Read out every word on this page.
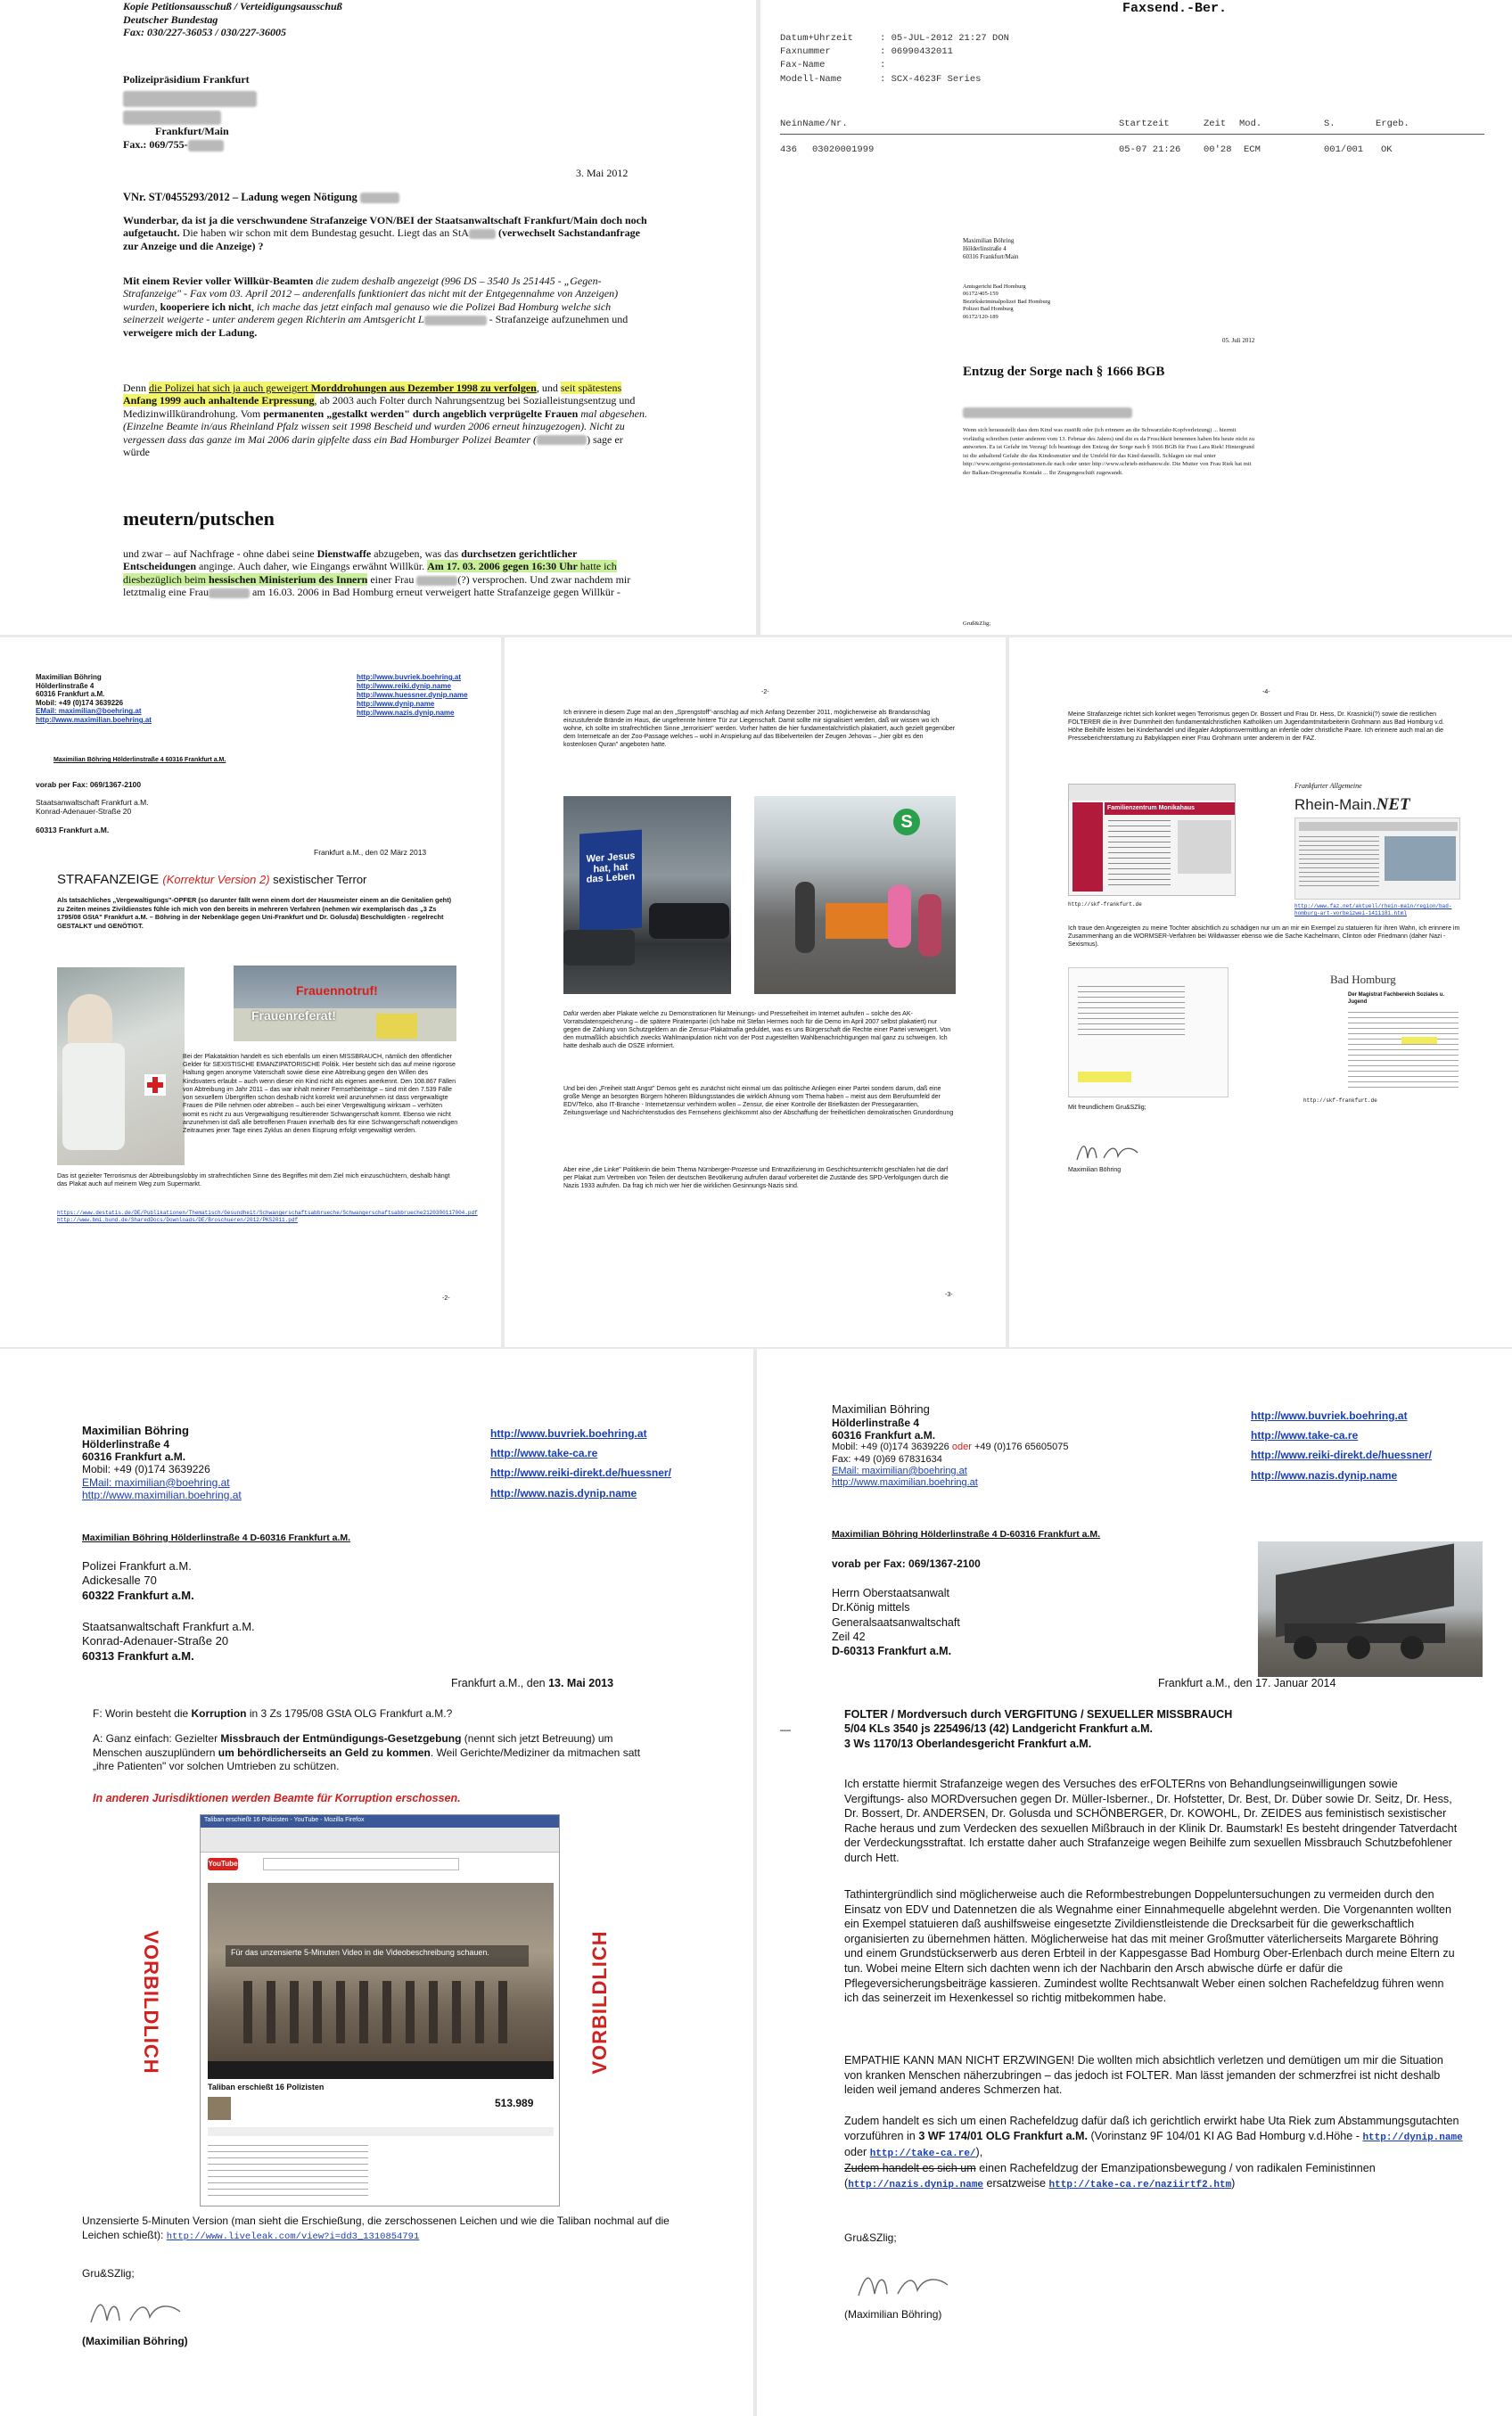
Kopie Petitionsausschuß / Verteidigungsausschuß
Deutscher Bundestag
Fax: 030/227-36053 / 030/227-36005
Polizeipräsidium Frankfurt
Frankfurt/Main
Fax.: 069/755-
3. Mai 2012
VNr. ST/0455293/2012 – Ladung wegen Nötigung
Wunderbar, da ist ja die verschwundene Strafanzeige VON/BEI der Staatsanwaltschaft Frankfurt/Main doch noch aufgetaucht. Die haben wir schon mit dem Bundestag gesucht. Liegt das an StA	(verwechselt Sachstandanfrage zur Anzeige und die Anzeige) ?
Mit einem Revier voller Willkür-Beamten die zudem deshalb angezeigt (996 DS – 3540 Js 251445 - „Gegen-Strafanzeige" - Fax vom 03. April 2012 – anderenfalls funktioniert das nicht mit der Entgegennahme von Anzeigen) wurden, kooperiere ich nicht, ich mache das jetzt einfach mal genauso wie die Polizei Bad Homburg welche sich seinerzeit weigerte - unter anderem gegen Richterin am Amtsgericht L	- Strafanzeige aufzunehmen und verweigere mich der Ladung.
Denn die Polizei hat sich ja auch geweigert Morddrohungen aus Dezember 1998 zu verfolgen, und seit spätestens Anfang 1999 auch anhaltende Erpressung, ab 2003 auch Folter durch Nahrungsentzug bei Sozialleistungsentzug und Medizinwillkürandrohung. Vom permanenten „gestalkt werden" durch angeblich verprügelte Frauen mal abgesehen. (Einzelne Beamte in/aus Rheinland Pfalz wissen seit 1998 Bescheid und wurden 2006 erneut hinzugezogen). Nicht zu vergessen dass das ganze im Mai 2006 darin gipfelte dass ein Bad Homburger Polizei Beamter (	) sage er würde
meutern/putschen
und zwar – auf Nachfrage - ohne dabei seine Dienstwaffe abzugeben, was das durchsetzen gerichtlicher Entscheidungen anginge. Auch daher, wie Eingangs erwähnt Willkür. Am 17. 03. 2006 gegen 16:30 Uhr hatte ich diesbezüglich beim hessischen Ministerium des Innern einer Frau	(?) versprochen. Und zwar nachdem mir letztmalig eine Frau	am 16.03. 2006 in Bad Homburg erneut verweigert hatte Strafanzeige gegen Willkür -
Faxsend.-Ber.
Datum+Uhrzeit	: 05-JUL-2012 21:27 DON
Faxnummer	: 06990432011
Fax-Name	:
Modell-Name	: SCX-4623F Series
NeinName/Nr.	Startzeit	Zeit Mod.	S.	Ergeb.
436 03020001999	05-07 21:26 00'28 ECM	001/001 OK
Maximilian Böhring
Hölderlinstraße 4
60316 Frankfurt/Main
Amtsgericht Bad Homburg
06172/405-159
Bezirkskriminalpolizei Bad Homburg
Polizei Bad Homburg
06172/120-189
05. Juli 2012
Entzug der Sorge nach § 1666 BGB
Wenn sich herausstellt dass dem Kind was zustößt oder (ich erinnere an die Schwarzfahr-Kopfverletzung) ... hiermit vorläufig schreiben (unter anderem vom 13. Februar des Jahres) und die es da Froschkeit benennen haben bis heute nicht zu antworten. Es ist Gefahr im Verzug! Ich beantrage den Entzug der Sorge nach § 1666 BGB für Frau Lara Riek! Hintergrund ist die anhaltend Gefahr die das Kindesmutter und ihr Umfeld für das Kind darstellt. Schlagen sie mal unter http://www.zeitgeist-protestationen.de nach oder unter http://www.schrieb-mirbanow.de. Die Mutter von Frau Riek hat mit der Balkan-Drogenmafia Kontakt ... Ihr Zeugengeschäft zugewandt.
Gruß&Zlig;
Maximilian Böhring
Hölderlinstraße 4
60316 Frankfurt a.M.
Mobil: +49 (0)174 3639226
EMail: maximilian@boehring.at
http://www.maximilian.boehring.at
http://www.buvriek.boehring.at
http://www.reiki.dynip.name
http://www.huessner.dynip.name
http://www.dynip.name
http://www.nazis.dynip.name
Maximilian Böhring Hölderlinstraße 4 60316 Frankfurt a.M.
vorab per Fax: 069/1367-2100
Staatsanwaltschaft Frankfurt a.M.
Konrad-Adenauer-Straße 20

60313 Frankfurt a.M.
Frankfurt a.M., den 02 März 2013
STRAFANZEIGE (Korrektur Version 2) sexistischer Terror
Als tatsächliches „Vergewaltigungs"-OPFER (so darunter fällt wenn einem dort der Hausmeister einem an die Genitalien geht) zu Zeiten meines Zivildienstes fühle ich mich von den bereits in mehreren Verfahren (nehmen wir exemplarisch das „3 Zs 1795/08 GStA" Frankfurt a.M. – Böhring in der Nebenklage gegen Uni-Frankfurt und Dr. Golusda) Beschuldigten - regelrecht GESTALKT und GENÖTIGT.
Frauennotruf!
Frauenreferat!
Bei der Plakataktion handelt es sich ebenfalls um einen MISSBRAUCH, nämlich den öffentlicher Gelder für SEXISTISCHE EMANZIPATORISCHE Politik. Hier besteht sich das auf meine rigorose Haltung gegen anonyme Vaterschaft sowie diese eine Abtreibung gegen den Willen des Kindsvaters erlaubt – auch wenn dieser ein Kind nicht als eigenes anerkennt. Den 108.867 Fällen von Abtreibung im Jahr 2011 – das war inhalt meiner Fernsehbeiträge – sind mit den 7.539 Fälle von sexuellem Übergriffen schon deshalb nicht korrekt weil anzunehmen ist dass vergewaltigte Frauen die Pille nehmen oder abtreiben – auch bei einer Vergewaltigung wirksam – verhüten womit es nicht zu aus Vergewaltigung resultierender Schwangerschaft kommt. Ebenso wie nicht anzunehmen ist daß alle betroffenen Frauen innerhalb des für eine Schwangerschaft notwendigen Zeitraumes jener Tage eines Zyklus an denen Eisprung erfolgt vergewaltigt werden.
Das ist gezielter Terrorismus der Abtreibungslobby im strafrechtlichen Sinne des Begriffes mit dem Ziel mich einzuschüchtern, deshalb hängt das Plakat auch auf meinem Weg zum Supermarkt.
https://www.destatis.de/DE/Publikationen/Thematisch/Gesundheit/Schwangerschaftsabbrueche/Schwangerschaftsabbrueche2120300117004.pdf
http://www.bmi.bund.de/SharedDocs/Downloads/DE/Broschueren/2012/PKS2011.pdf
-2-
-2-
Ich erinnere in diesem Zuge mal an den „Sprengstoff"-anschlag auf mich Anfang Dezember 2011, möglicherweise als Brandanschlag einzustufende Brände im Haus, die ungefrennte hintere Tür zur Liegenschaft. Damit sollte mir signalisiert werden, daß wir wissen wo ich wohne, ich sollte im strafrechtlichen Sinne „terrorisiert" werden. Vorher hatten die hier fundamentalchristlich plakatiert, auch gezielt gegenüber dem Internetcafe an der Zoo-Passage welches – wohl in Anspielung auf das Bibelverteilen der Zeugen Jehovas – „hier gibt es den kostenlosen Quran" angeboten hatte.
Wer Jesus hat, hat das Leben
S
Dafür werden aber Plakate welche zu Demonstrationen für Meinungs- und Pressefreiheit im Internet aufrufen – solche des AK-Vorratsdatenspeicherung – die spätere Piratenpartei (ich habe mit Stefan Hermes noch für die Demo im April 2007 selbst plakatiert) nur gegen die Zahlung von Schutzgeldern an die Zensur-Plakatmafia geduldet, was es uns Bürgerschaft die Rechte einer Partei verweigert. Von den mutmaßlich absichtlich zwecks Wahlmanipulation nicht von der Post zugestellten Wahlbenachrichtigungen mal ganz zu schweigen. Ich hatte deshalb auch die OSZE informiert.
Und bei den „Freiheit statt Angst" Demos geht es zunächst nicht einmal um das politische Anliegen einer Partei sondern darum, daß eine große Menge an besorgten Bürgern höheren Bildungsstandes die wirklich Ahnung vom Thema haben – meist aus dem Berufsumfeld der EDV/Telco, also IT-Branche - Internetzensur verhindern wollen – Zensur, die einer Kontrolle der Briefkästen der Pressegarantien, Zeitungsverlage und Nachrichtenstudios des Fernsehens gleichkommt also der Abschaffung der freiheitlichen demokratischen Grundordnung
Aber eine „die Linke" Politikerin die beim Thema Nürnberger-Prozesse und Entnazifizierung im Geschichtsunterricht geschlafen hat die darf per Plakat zum Vertreiben von Teilen der deutschen Bevölkerung aufrufen darauf vorbereitet die Zustände des SPD-Verfolgungen durch die Nazis 1933 aufrufen. Da frag ich mich wer hier die wirklichen Gesinnungs-Nazis sind.
-3-
-4-
Meine Strafanzeige richtet sich konkret wegen Terrorismus gegen Dr. Bossert und Frau Dr. Hess, Dr. Krasnicki(?) sowie die restlichen FOLTERER die in ihrer Dummheit den fundamentalchristlichen Katholiken um Jugendamtmitarbeiterin Grohmann aus Bad Homburg v.d. Höhe Beihilfe leisten bei Kinderhandel und illegaler Adoptionsvermittlung an infertile oder christliche Paare. Ich erinnere auch mal an die Presseberichterstattung zu Babyklappen einer Frau Grohmann unter anderem in der FAZ.
Familienzentrum Monikahaus
http://skf-frankfurt.de
Frankfurter Allgemeine
Rhein-Main.NET
http://www.faz.net/aktuell/rhein-main/region/bad-homburg-art-vorbeizwei-1411181.html
Ich traue den Angezeigten zu meine Tochter absichtlich zu schädigen nur um an mir ein Exempel zu statuieren für ihren Wahn, ich erinnere im Zusammenhang an die WORMSER-Verfahren bei Wildwasser ebenso wie die Sache Kachelmann, Clinton oder Friedmann (daher Nazi - Sexismus).
Bad Homburg
Der Magistrat Fachbereich Soziales u. Jugend
http://skf-frankfurt.de
Mit freundlichem Gru&SZlig;
Maximilian Böhring
Maximilian Böhring
Hölderlinstraße 4
60316 Frankfurt a.M.
Mobil: +49 (0)174 3639226
EMail: maximilian@boehring.at
http://www.maximilian.boehring.at
http://www.buvriek.boehring.at
http://www.take-ca.re
http://www.reiki-direkt.de/huessner/
http://www.nazis.dynip.name
Maximilian Böhring Hölderlinstraße 4 D-60316 Frankfurt a.M.
Polizei Frankfurt a.M.
Adickesalle 70
60322 Frankfurt a.M.
Staatsanwaltschaft Frankfurt a.M.
Konrad-Adenauer-Straße 20
60313 Frankfurt a.M.
Frankfurt a.M., den 13. Mai 2013
F: Worin besteht die Korruption in 3 Zs 1795/08 GStA OLG Frankfurt a.M.?
A: Ganz einfach: Gezielter Missbrauch der Entmündigungs-Gesetzgebung (nennt sich jetzt Betreuung) um Menschen auszuplündern um behördlicherseits an Geld zu kommen. Weil Gerichte/Mediziner da mitmachen satt „ihre Patienten" vor solchen Umtrieben zu schützen.
In anderen Jurisdiktionen werden Beamte für Korruption erschossen.
VORBILDLICH	VORBILDLICH
Taliban erschießt 16 Polizisten - YouTube - Mozilla Firefox
YouTube
Für das unzensierte 5-Minuten Video in die Videobeschreibung schauen.
Taliban erschießt 16 Polizisten
513.989
Unzensierte 5-Minuten Version (man sieht die Erschießung, die zerschossenen Leichen und wie die Taliban nochmal auf die Leichen schießt): http://www.liveleak.com/view?i=dd3_1310854791
Gru&SZlig;
(Maximilian Böhring)
Maximilian Böhring
Hölderlinstraße 4
60316 Frankfurt a.M.
Mobil: +49 (0)174 3639226 oder +49 (0)176 65605075
Fax: +49 (0)69 67831634
EMail: maximilian@boehring.at
http://www.maximilian.boehring.at
http://www.buvriek.boehring.at
http://www.take-ca.re
http://www.reiki-direkt.de/huessner/
http://www.nazis.dynip.name
Maximilian Böhring Hölderlinstraße 4 D-60316 Frankfurt a.M.
vorab per Fax: 069/1367-2100
Herrn Oberstaatsanwalt
Dr.König mittels
Generalsaatsanwaltschaft
Zeil 42
D-60313 Frankfurt a.M.
Frankfurt a.M., den 17. Januar 2014
—
FOLTER / Mordversuch durch VERGFITUNG / SEXUELLER MISSBRAUCH
5/04 KLs 3540 js 225496/13 (42) Landgericht Frankfurt a.M.
3 Ws 1170/13 Oberlandesgericht Frankfurt a.M.
Ich erstatte hiermit Strafanzeige wegen des Versuches des erFOLTERns von Behandlungseinwilligungen sowie Vergiftungs- also MORDversuchen gegen Dr. Müller-Isberner., Dr. Hofstetter, Dr. Best, Dr. Düber sowie Dr. Seitz, Dr. Hess, Dr. Bossert, Dr. ANDERSEN, Dr. Golusda und SCHÖNBERGER, Dr. KOWOHL, Dr. ZEIDES aus feministisch sexistischer Rache heraus und zum Verdecken des sexuellen Mißbrauch in der Klinik Dr. Baumstark! Es besteht dringender Tatverdacht der Verdeckungsstraftat. Ich erstatte daher auch Strafanzeige wegen Beihilfe zum sexuellen Missbrauch Schutzbefohlener durch Hett.
Tathintergründlich sind möglicherweise auch die Reformbestrebungen Doppeluntersuchungen zu vermeiden durch den Einsatz von EDV und Datennetzen die als Wegnahme einer Einnahmequelle abgelehnt werden. Die Vorgenannten wollten ein Exempel statuieren daß aushilfsweise eingesetzte Zivildienstleistende die Drecksarbeit für die gewerkschaftlich organisierten zu übernehmen hätten. Möglicherweise hat das mit meiner Großmutter väterlicherseits Margarete Böhring und einem Grundstückserwerb aus deren Erbteil in der Kappesgasse Bad Homburg Ober-Erlenbach durch meine Eltern zu tun. Wobei meine Eltern sich dachten wenn ich der Nachbarin den Arsch abwische dürfe er dafür die Pflegeversicherungsbeiträge kassieren. Zumindest wollte Rechtsanwalt Weber einen solchen Rachefeldzug führen wenn ich das seinerzeit im Hexenkessel so richtig mitbekommen habe.
EMPATHIE KANN MAN NICHT ERZWINGEN! Die wollten mich absichtlich verletzen und demütigen um mir die Situation von kranken Menschen näherzubringen – das jedoch ist FOLTER. Man lässt jemanden der schmerzfrei ist nicht deshalb leiden weil jemand anderes Schmerzen hat.
Zudem handelt es sich um einen Rachefeldzug dafür daß ich gerichtlich erwirkt habe Uta Riek zum Abstammungsgutachten vorzuführen in 3 WF 174/01 OLG Frankfurt a.M. (Vorinstanz 9F 104/01 KI AG Bad Homburg v.d.Höhe - http://dynip.name oder http://take-ca.re/),
Zudem handelt es sich um einen Rachefeldzug der Emanzipationsbewegung / von radikalen Feministinnen (http://nazis.dynip.name ersatzweise http://take-ca.re/naziirtf2.htm)
Gru&SZlig;
(Maximilian Böhring)
